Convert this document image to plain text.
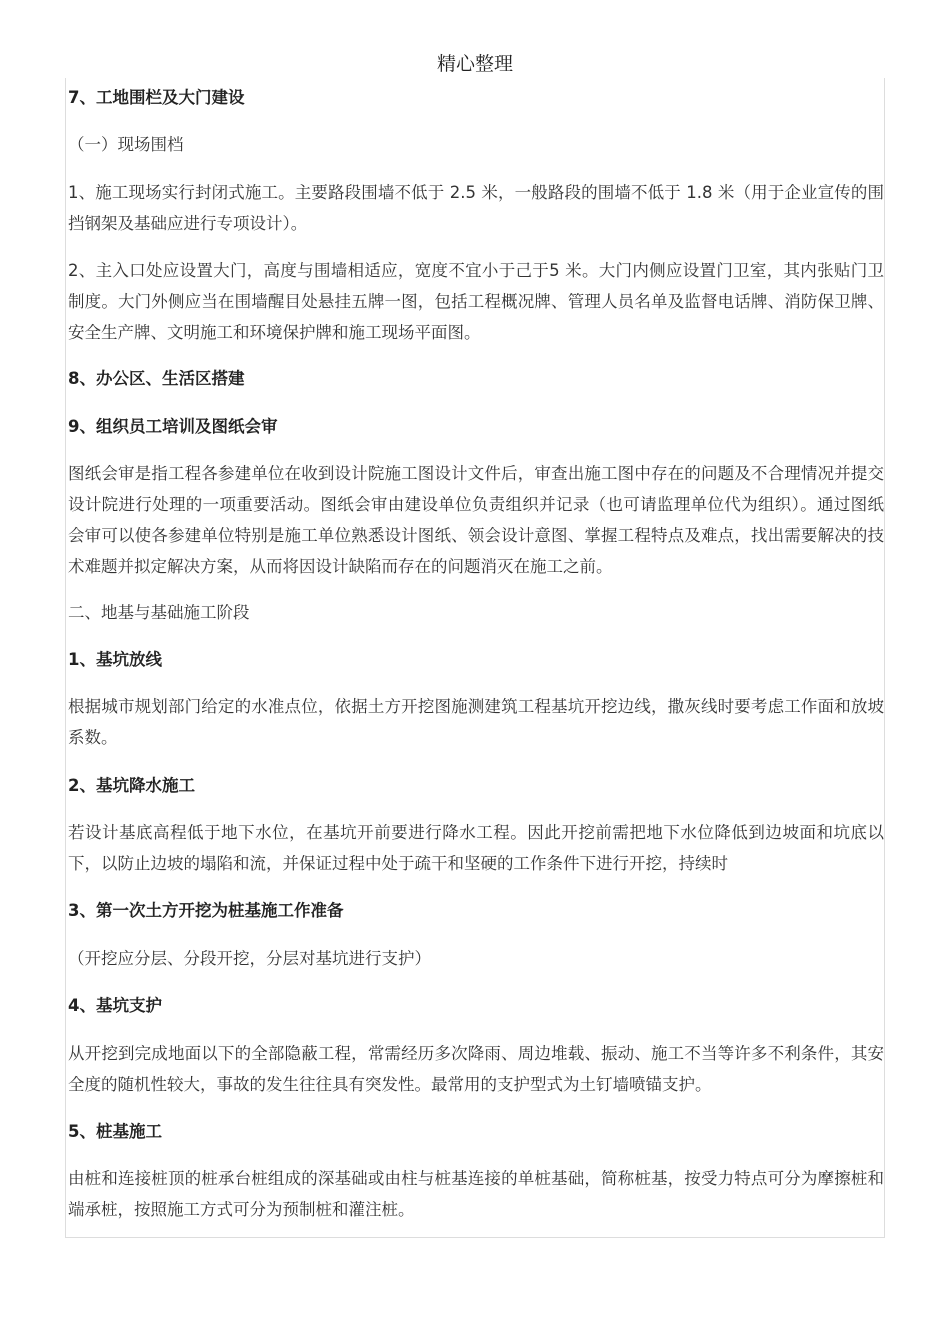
精心整理
7、工地围栏及大门建设
（一）现场围档
1、施工现场实行封闭式施工。主要路段围墙不低于 2.5 米，一般路段的围墙不低于 1.8 米（用于企业宣传的围挡钢架及基础应进行专项设计）。
2、主入口处应设置大门，高度与围墙相适应，宽度不宜小于己于5 米。大门内侧应设置门卫室，其内张贴门卫制度。大门外侧应当在围墙醒目处悬挂五牌一图，包括工程概况牌、管理人员名单及监督电话牌、消防保卫牌、安全生产牌、文明施工和环境保护牌和施工现场平面图。
8、办公区、生活区搭建
9、组织员工培训及图纸会审
图纸会审是指工程各参建单位在收到设计院施工图设计文件后，审查出施工图中存在的问题及不合理情况并提交设计院进行处理的一项重要活动。图纸会审由建设单位负责组织并记录（也可请监理单位代为组织）。通过图纸会审可以使各参建单位特别是施工单位熟悉设计图纸、领会设计意图、掌握工程特点及难点，找出需要解决的技术难题并拟定解决方案，从而将因设计缺陷而存在的问题消灭在施工之前。
二、地基与基础施工阶段
1、基坑放线
根据城市规划部门给定的水准点位，依据土方开挖图施测建筑工程基坑开挖边线，撒灰线时要考虑工作面和放坡系数。
2、基坑降水施工
若设计基底高程低于地下水位，在基坑开前要进行降水工程。因此开挖前需把地下水位降低到边坡面和坑底以下，以防止边坡的塌陷和流，并保证过程中处于疏干和坚硬的工作条件下进行开挖，持续时
3、第一次土方开挖为桩基施工作准备
（开挖应分层、分段开挖，分层对基坑进行支护）
4、基坑支护
从开挖到完成地面以下的全部隐蔽工程，常需经历多次降雨、周边堆载、振动、施工不当等许多不利条件，其安全度的随机性较大，事故的发生往往具有突发性。最常用的支护型式为土钉墙喷锚支护。
5、桩基施工
由桩和连接桩顶的桩承台桩组成的深基础或由柱与桩基连接的单桩基础，简称桩基，按受力特点可分为摩擦桩和端承桩，按照施工方式可分为预制桩和灌注桩。
